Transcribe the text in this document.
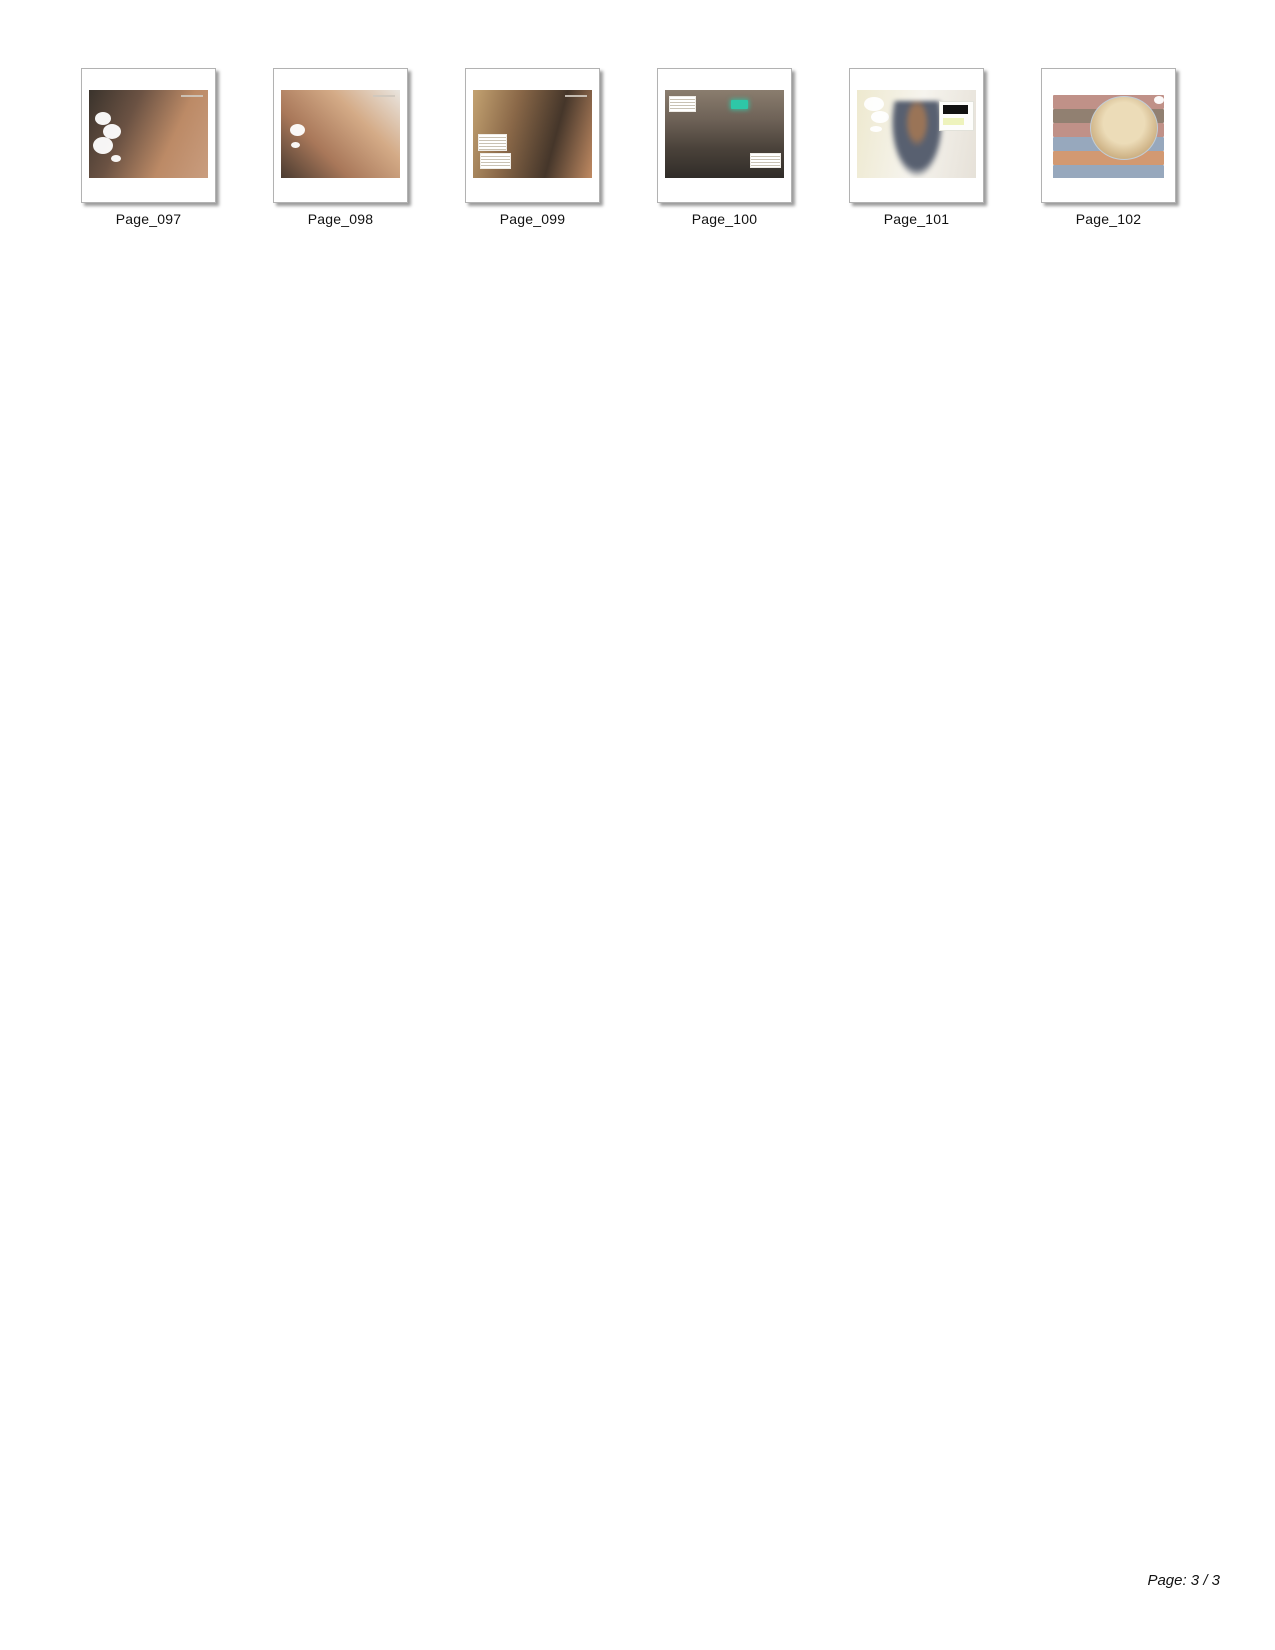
Page_097	Page_098	Page_099	Page_100	Page_101	Page_102
Page: 3 / 3
